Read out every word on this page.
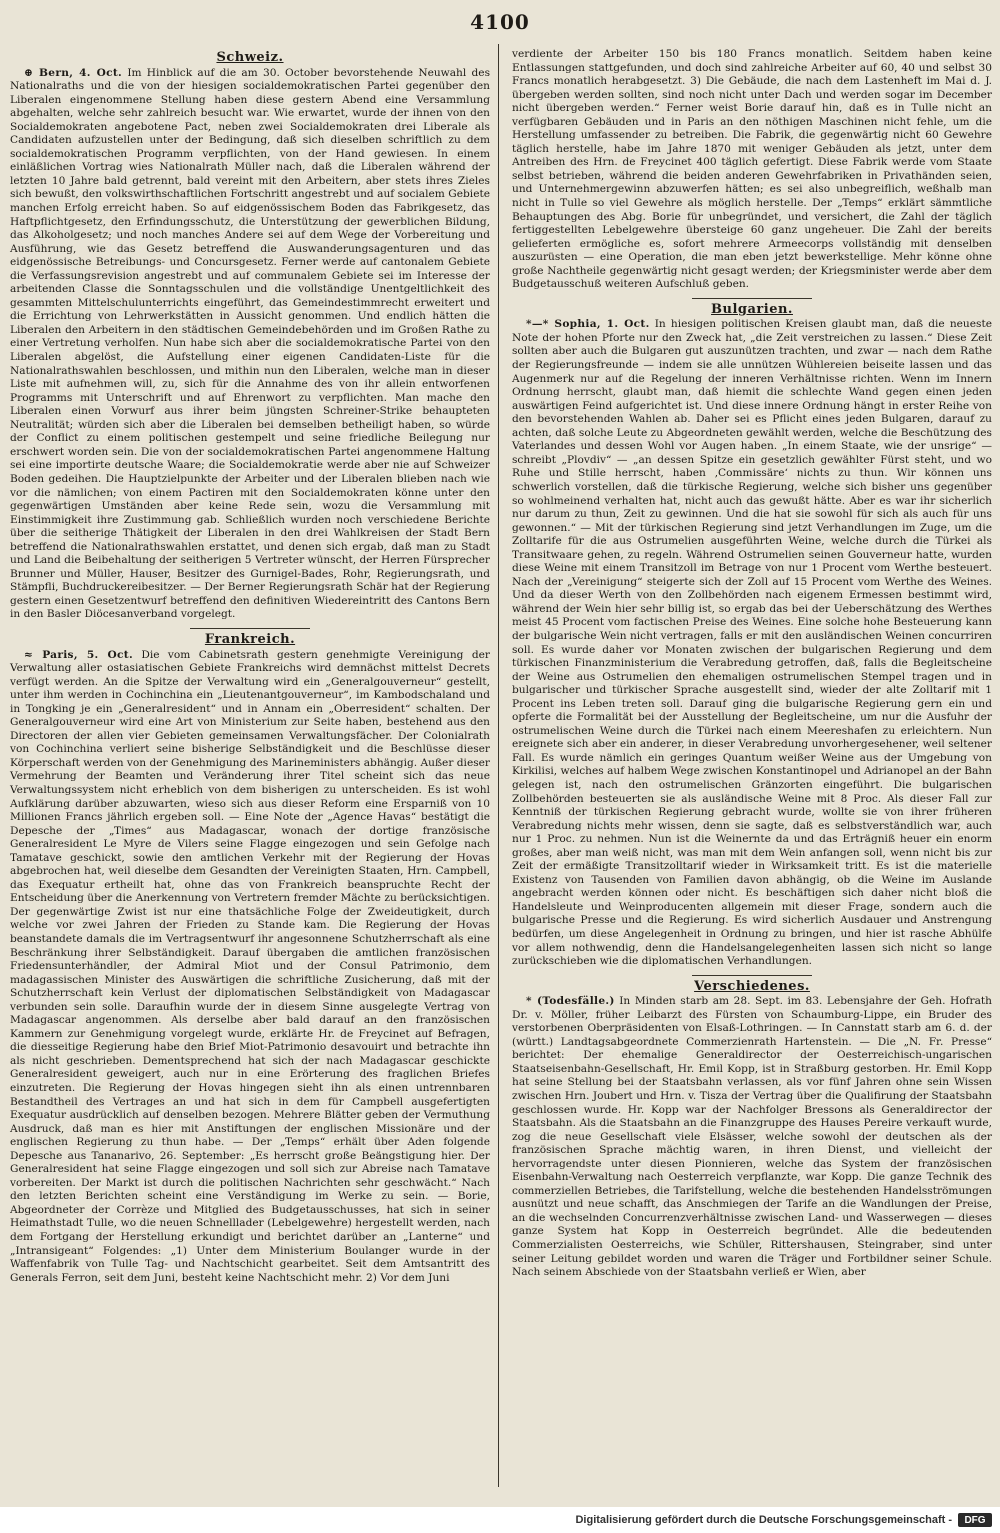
4100
Schweiz.

⊕ Bern, 4. Oct. Im Hinblick auf die am 30. October bevorstehende Neuwahl des Nationalraths und die von der hiesigen socialdemokratischen Partei gegenüber den Liberalen eingenommene Stellung haben diese gestern Abend eine Versammlung abgehalten, welche sehr zahlreich besucht war. Wie erwartet, wurde der ihnen von den Socialdemokraten angebotene Pact, neben zwei Socialdemokraten drei Liberale als Candidaten aufzustellen unter der Bedingung, daß sich dieselben schriftlich zu dem socialdemokratischen Programm verpflichten, von der Hand gewiesen. In einem einläßlichen Vortrag wies Nationalrath Müller nach, daß die Liberalen während der letzten 10 Jahre bald getrennt, bald vereint mit den Arbeitern, aber stets ihres Zieles sich bewußt, den volkswirthschaftlichen Fortschritt angestrebt und auf socialem Gebiete manchen Erfolg erreicht haben. So auf eidgenössischem Boden das Fabrikgesetz, das Haftpflichtgesetz, den Erfindungsschutz, die Unterstützung der gewerblichen Bildung, das Alkoholgesetz; und noch manches Andere sei auf dem Wege der Vorbereitung und Ausführung, wie das Gesetz betreffend die Auswanderungsagenturen und das eidgenössische Betreibungs- und Concursgesetz. Ferner werde auf cantonalem Gebiete die Verfassungsrevision angestrebt und auf communalem Gebiete sei im Interesse der arbeitenden Classe die Sonntagsschulen und die vollständige Unentgeltlichkeit des gesammten Mittelschulunterrichts eingeführt, das Gemeindestimmrecht erweitert und die Errichtung von Lehrwerkstätten in Aussicht genommen. Und endlich hätten die Liberalen den Arbeitern in den städtischen Gemeindebehörden und im Großen Rathe zu einer Vertretung verholfen. Nun habe sich aber die socialdemokratische Partei von den Liberalen abgelöst, die Aufstellung einer eigenen Candidaten-Liste für die Nationalrathswahlen beschlossen, und mithin nun den Liberalen, welche man in dieser Liste mit aufnehmen will, zu, sich für die Annahme des von ihr allein entworfenen Programms mit Unterschrift und auf Ehrenwort zu verpflichten. Man mache den Liberalen einen Vorwurf aus ihrer beim jüngsten Schreiner-Strike behaupteten Neutralität; würden sich aber die Liberalen bei demselben betheiligt haben, so würde der Conflict zu einem politischen gestempelt und seine friedliche Beilegung nur erschwert worden sein. Die von der socialdemokratischen Partei angenommene Haltung sei eine importirte deutsche Waare; die Socialdemokratie werde aber nie auf Schweizer Boden gedeihen. Die Hauptzielpunkte der Arbeiter und der Liberalen blieben nach wie vor die nämlichen; von einem Pactiren mit den Socialdemokraten könne unter den gegenwärtigen Umständen aber keine Rede sein, wozu die Versammlung mit Einstimmigkeit ihre Zustimmung gab. Schließlich wurden noch verschiedene Berichte über die seitherige Thätigkeit der Liberalen in den drei Wahlkreisen der Stadt Bern betreffend die Nationalrathswahlen erstattet, und denen sich ergab, daß man zu Stadt und Land die Beibehaltung der seitherigen 5 Vertreter wünscht, der Herren Fürsprecher Brunner und Müller, Hauser, Besitzer des Gurnigel-Bades, Rohr, Regierungsrath, und Stämpfli, Buchdruckereibesitzer. — Der Berner Regierungsrath Schär hat der Regierung gestern einen Gesetzentwurf betreffend den definitiven Wiedereintritt des Cantons Bern in den Basler Diöcesanverband vorgelegt.

Frankreich.

≈ Paris, 5. Oct. Die vom Cabinetsrath gestern genehmigte Vereinigung der Verwaltung aller ostasiatischen Gebiete Frankreichs wird demnächst mittelst Decrets verfügt werden. An die Spitze der Verwaltung wird ein „Generalgouverneur“ gestellt, unter ihm werden in Cochinchina ein „Lieutenantgouverneur“, im Kambodschaland und in Tongking je ein „Generalresident“ und in Annam ein „Oberresident“ schalten. Der Generalgouverneur wird eine Art von Ministerium zur Seite haben, bestehend aus den Directoren der allen vier Gebieten gemeinsamen Verwaltungsfächer. Der Colonialrath von Cochinchina verliert seine bisherige Selbständigkeit und die Beschlüsse dieser Körperschaft werden von der Genehmigung des Marineministers abhängig. Außer dieser Vermehrung der Beamten und Veränderung ihrer Titel scheint sich das neue Verwaltungssystem nicht erheblich von dem bisherigen zu unterscheiden. Es ist wohl Aufklärung darüber abzuwarten, wieso sich aus dieser Reform eine Ersparniß von 10 Millionen Francs jährlich ergeben soll. — Eine Note der „Agence Havas“ bestätigt die Depesche der „Times“ aus Madagascar, wonach der dortige französische Generalresident Le Myre de Vilers seine Flagge eingezogen und sein Gefolge nach Tamatave geschickt, sowie den amtlichen Verkehr mit der Regierung der Hovas abgebrochen hat, weil dieselbe dem Gesandten der Vereinigten Staaten, Hrn. Campbell, das Exequatur ertheilt hat, ohne das von Frankreich beanspruchte Recht der Entscheidung über die Anerkennung von Vertretern fremder Mächte zu berücksichtigen. Der gegenwärtige Zwist ist nur eine thatsächliche Folge der Zweideutigkeit, durch welche vor zwei Jahren der Frieden zu Stande kam. Die Regierung der Hovas beanstandete damals die im Vertragsentwurf ihr angesonnene Schutzherrschaft als eine Beschränkung ihrer Selbständigkeit. Darauf übergaben die amtlichen französischen Friedensunterhändler, der Admiral Miot und der Consul Patrimonio, dem madagassischen Minister des Auswärtigen die schriftliche Zusicherung, daß mit der Schutzherrschaft kein Verlust der diplomatischen Selbständigkeit von Madagascar verbunden sein solle. Daraufhin wurde der in diesem Sinne ausgelegte Vertrag von Madagascar angenommen. Als derselbe aber bald darauf an den französischen Kammern zur Genehmigung vorgelegt wurde, erklärte Hr. de Freycinet auf Befragen, die diesseitige Regierung habe den Brief Miot-Patrimonio desavouirt und betrachte ihn als nicht geschrieben. Dementsprechend hat sich der nach Madagascar geschickte Generalresident geweigert, auch nur in eine Erörterung des fraglichen Briefes einzutreten. Die Regierung der Hovas hingegen sieht ihn als einen untrennbaren Bestandtheil des Vertrages an und hat sich in dem für Campbell ausgefertigten Exequatur ausdrücklich auf denselben bezogen. Mehrere Blätter geben der Vermuthung Ausdruck, daß man es hier mit Anstiftungen der englischen Missionäre und der englischen Regierung zu thun habe. — Der „Temps“ erhält über Aden folgende Depesche aus Tananarivo, 26. September: „Es herrscht große Beängstigung hier. Der Generalresident hat seine Flagge eingezogen und soll sich zur Abreise nach Tamatave vorbereiten. Der Markt ist durch die politischen Nachrichten sehr geschwächt.“ Nach den letzten Berichten scheint eine Verständigung im Werke zu sein. — Borie, Abgeordneter der Corrèze und Mitglied des Budgetausschusses, hat sich in seiner Heimathstadt Tulle, wo die neuen Schnelllader (Lebelgewehre) hergestellt werden, nach dem Fortgang der Herstellung erkundigt und berichtet darüber an „Lanterne“ und „Intransigeant“ Folgendes: „1) Unter dem Ministerium Boulanger wurde in der Waffenfabrik von Tulle Tag- und Nachtschicht gearbeitet. Seit dem Amtsantritt des Generals Ferron, seit dem Juni, besteht keine Nachtschicht mehr. 2) Vor dem Juni

verdiente der Arbeiter 150 bis 180 Francs monatlich. Seitdem haben keine Entlassungen stattgefunden, und doch sind zahlreiche Arbeiter auf 60, 40 und selbst 30 Francs monatlich herabgesetzt. 3) Die Gebäude, die nach dem Lastenheft im Mai d. J. übergeben werden sollten, sind noch nicht unter Dach und werden sogar im December nicht übergeben werden.“ Ferner weist Borie darauf hin, daß es in Tulle nicht an verfügbaren Gebäuden und in Paris an den nöthigen Maschinen nicht fehle, um die Herstellung umfassender zu betreiben. Die Fabrik, die gegenwärtig nicht 60 Gewehre täglich herstelle, habe im Jahre 1870 mit weniger Gebäuden als jetzt, unter dem Antreiben des Hrn. de Freycinet 400 täglich gefertigt. Diese Fabrik werde vom Staate selbst betrieben, während die beiden anderen Gewehrfabriken in Privathänden seien, und Unternehmergewinn abzuwerfen hätten; es sei also unbegreiflich, weßhalb man nicht in Tulle so viel Gewehre als möglich herstelle. Der „Temps“ erklärt sämmtliche Behauptungen des Abg. Borie für unbegründet, und versichert, die Zahl der täglich fertiggestellten Lebelgewehre übersteige 60 ganz ungeheuer. Die Zahl der bereits gelieferten ermögliche es, sofort mehrere Armeecorps vollständig mit denselben auszurüsten — eine Operation, die man eben jetzt bewerkstellige. Mehr könne ohne große Nachtheile gegenwärtig nicht gesagt werden; der Kriegsminister werde aber dem Budgetausschuß weiteren Aufschluß geben.

Bulgarien.

*—* Sophia, 1. Oct. In hiesigen politischen Kreisen glaubt man, daß die neueste Note der hohen Pforte nur den Zweck hat, „die Zeit verstreichen zu lassen.“ Diese Zeit sollten aber auch die Bulgaren gut auszunützen trachten, und zwar — nach dem Rathe der Regierungsfreunde — indem sie alle unnützen Wühlereien beiseite lassen und das Augenmerk nur auf die Regelung der inneren Verhältnisse richten. Wenn im Innern Ordnung herrscht, glaubt man, daß hiemit die schlechte Wand gegen einen jeden auswärtigen Feind aufgerichtet ist. Und diese innere Ordnung hängt in erster Reihe von den bevorstehenden Wahlen ab. Daher sei es Pflicht eines jeden Bulgaren, darauf zu achten, daß solche Leute zu Abgeordneten gewählt werden, welche die Beschützung des Vaterlandes und dessen Wohl vor Augen haben. „In einem Staate, wie der unsrige“ — schreibt „Plovdiv“ — „an dessen Spitze ein gesetzlich gewählter Fürst steht, und wo Ruhe und Stille herrscht, haben ‚Commissäre‘ nichts zu thun. Wir können uns schwerlich vorstellen, daß die türkische Regierung, welche sich bisher uns gegenüber so wohlmeinend verhalten hat, nicht auch das gewußt hätte. Aber es war ihr sicherlich nur darum zu thun, Zeit zu gewinnen. Und die hat sie sowohl für sich als auch für uns gewonnen.“ — Mit der türkischen Regierung sind jetzt Verhandlungen im Zuge, um die Zolltarife für die aus Ostrumelien ausgeführten Weine, welche durch die Türkei als Transitwaare gehen, zu regeln. Während Ostrumelien seinen Gouverneur hatte, wurden diese Weine mit einem Transitzoll im Betrage von nur 1 Procent vom Werthe besteuert. Nach der „Vereinigung“ steigerte sich der Zoll auf 15 Procent vom Werthe des Weines. Und da dieser Werth von den Zollbehörden nach eigenem Ermessen bestimmt wird, während der Wein hier sehr billig ist, so ergab das bei der Ueberschätzung des Werthes meist 45 Procent vom factischen Preise des Weines. Eine solche hohe Besteuerung kann der bulgarische Wein nicht vertragen, falls er mit den ausländischen Weinen concurriren soll. Es wurde daher vor Monaten zwischen der bulgarischen Regierung und dem türkischen Finanzministerium die Verabredung getroffen, daß, falls die Begleitscheine der Weine aus Ostrumelien den ehemaligen ostrumelischen Stempel tragen und in bulgarischer und türkischer Sprache ausgestellt sind, wieder der alte Zolltarif mit 1 Procent ins Leben treten soll. Darauf ging die bulgarische Regierung gern ein und opferte die Formalität bei der Ausstellung der Begleitscheine, um nur die Ausfuhr der ostrumelischen Weine durch die Türkei nach einem Meereshafen zu erleichtern. Nun ereignete sich aber ein anderer, in dieser Verabredung unvorhergesehener, weil seltener Fall. Es wurde nämlich ein geringes Quantum weißer Weine aus der Umgebung von Kirkilisi, welches auf halbem Wege zwischen Konstantinopel und Adrianopel an der Bahn gelegen ist, nach den ostrumelischen Gränzorten eingeführt. Die bulgarischen Zollbehörden besteuerten sie als ausländische Weine mit 8 Proc. Als dieser Fall zur Kenntniß der türkischen Regierung gebracht wurde, wollte sie von ihrer früheren Verabredung nichts mehr wissen, denn sie sagte, daß es selbstverständlich war, auch nur 1 Proc. zu nehmen. Nun ist die Weinernte da und das Erträgniß heuer ein enorm großes, aber man weiß nicht, was man mit dem Wein anfangen soll, wenn nicht bis zur Zeit der ermäßigte Transitzolltarif wieder in Wirksamkeit tritt. Es ist die materielle Existenz von Tausenden von Familien davon abhängig, ob die Weine im Auslande angebracht werden können oder nicht. Es beschäftigen sich daher nicht bloß die Handelsleute und Weinproducenten allgemein mit dieser Frage, sondern auch die bulgarische Presse und die Regierung. Es wird sicherlich Ausdauer und Anstrengung bedürfen, um diese Angelegenheit in Ordnung zu bringen, und hier ist rasche Abhülfe vor allem nothwendig, denn die Handelsangelegenheiten lassen sich nicht so lange zurückschieben wie die diplomatischen Verhandlungen.

Verschiedenes.

* (Todesfälle.) In Minden starb am 28. Sept. im 83. Lebensjahre der Geh. Hofrath Dr. v. Möller, früher Leibarzt des Fürsten von Schaumburg-Lippe, ein Bruder des verstorbenen Oberpräsidenten von Elsaß-Lothringen. — In Cannstatt starb am 6. d. der (württ.) Landtagsabgeordnete Commerzienrath Hartenstein. — Die „N. Fr. Presse“ berichtet: Der ehemalige Generaldirector der Oesterreichisch-ungarischen Staatseisenbahn-Gesellschaft, Hr. Emil Kopp, ist in Straßburg gestorben. Hr. Emil Kopp hat seine Stellung bei der Staatsbahn verlassen, als vor fünf Jahren ohne sein Wissen zwischen Hrn. Joubert und Hrn. v. Tisza der Vertrag über die Qualifirung der Staatsbahn geschlossen wurde. Hr. Kopp war der Nachfolger Bressons als Generaldirector der Staatsbahn. Als die Staatsbahn an die Finanzgruppe des Hauses Pereire verkauft wurde, zog die neue Gesellschaft viele Elsässer, welche sowohl der deutschen als der französischen Sprache mächtig waren, in ihren Dienst, und vielleicht der hervorragendste unter diesen Pionnieren, welche das System der französischen Eisenbahn-Verwaltung nach Oesterreich verpflanzte, war Kopp. Die ganze Technik des commerziellen Betriebes, die Tarifstellung, welche die bestehenden Handelsströmungen ausnützt und neue schafft, das Anschmiegen der Tarife an die Wandlungen der Preise, an die wechselnden Concurrenzverhältnisse zwischen Land- und Wasserwegen — dieses ganze System hat Kopp in Oesterreich begründet. Alle die bedeutenden Commerzialisten Oesterreichs, wie Schüler, Rittershausen, Steingraber, sind unter seiner Leitung gebildet worden und waren die Träger und Fortbildner seiner Schule. Nach seinem Abschiede von der Staatsbahn verließ er Wien, aber

Digitalisierung gefördert durch die Deutsche Forschungsgemeinschaft -	DFG
